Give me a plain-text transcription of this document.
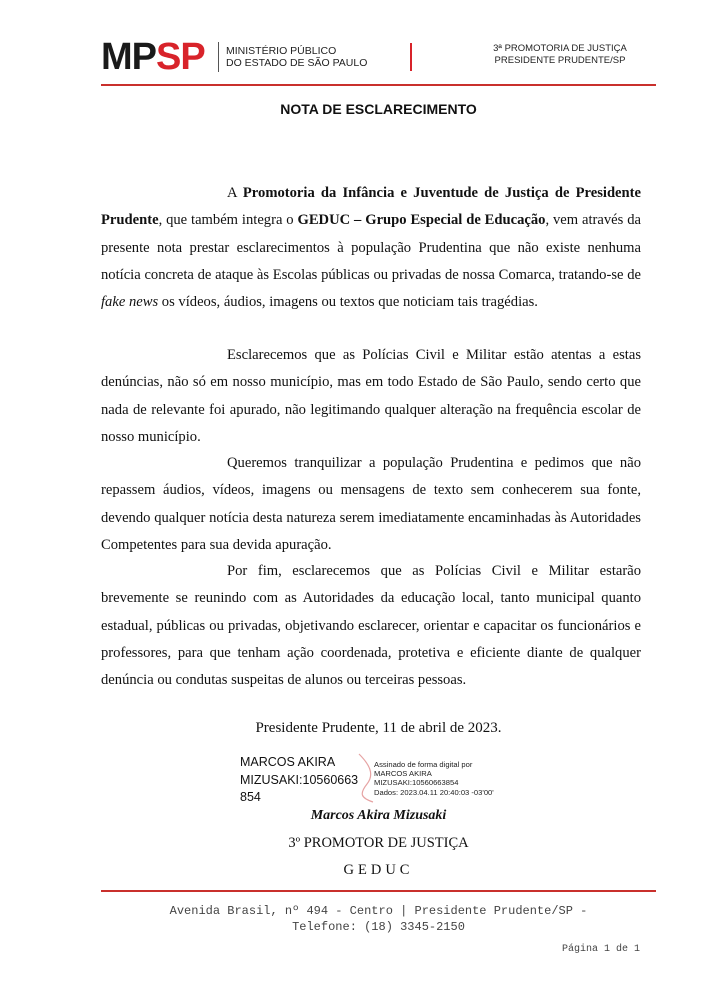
MPSP MINISTÉRIO PÚBLICO
DO ESTADO DE SÃO PAULO
3ª PROMOTORIA DE JUSTIÇA
PRESIDENTE PRUDENTE/SP
NOTA DE ESCLARECIMENTO
A Promotoria da Infância e Juventude de Justiça de Presidente Prudente, que também integra o GEDUC – Grupo Especial de Educação, vem através da presente nota prestar esclarecimentos à população Prudentina que não existe nenhuma notícia concreta de ataque às Escolas públicas ou privadas de nossa Comarca, tratando-se de fake news os vídeos, áudios, imagens ou textos que noticiam tais tragédias.
Esclarecemos que as Polícias Civil e Militar estão atentas a estas denúncias, não só em nosso município, mas em todo Estado de São Paulo, sendo certo que nada de relevante foi apurado, não legitimando qualquer alteração na frequência escolar de nosso município.
Queremos tranquilizar a população Prudentina e pedimos que não repassem áudios, vídeos, imagens ou mensagens de texto sem conhecerem sua fonte, devendo qualquer notícia desta natureza serem imediatamente encaminhadas às Autoridades Competentes para sua devida apuração.
Por fim, esclarecemos que as Polícias Civil e Militar estarão brevemente se reunindo com as Autoridades da educação local, tanto municipal quanto estadual, públicas ou privadas, objetivando esclarecer, orientar e capacitar os funcionários e professores, para que tenham ação coordenada, protetiva e eficiente diante de qualquer denúncia ou condutas suspeitas de alunos ou terceiras pessoas.
Presidente Prudente, 11 de abril de 2023.
MARCOS AKIRA
MIZUSAKI:10560663
854
Assinado de forma digital por
MARCOS AKIRA
MIZUSAKI:10560663854
Dados: 2023.04.11 20:40:03 -03'00'
Marcos Akira Mizusaki
3º PROMOTOR DE JUSTIÇA
GEDUC
Avenida Brasil, nº 494 - Centro | Presidente Prudente/SP -
Telefone: (18) 3345-2150
Página 1 de 1
